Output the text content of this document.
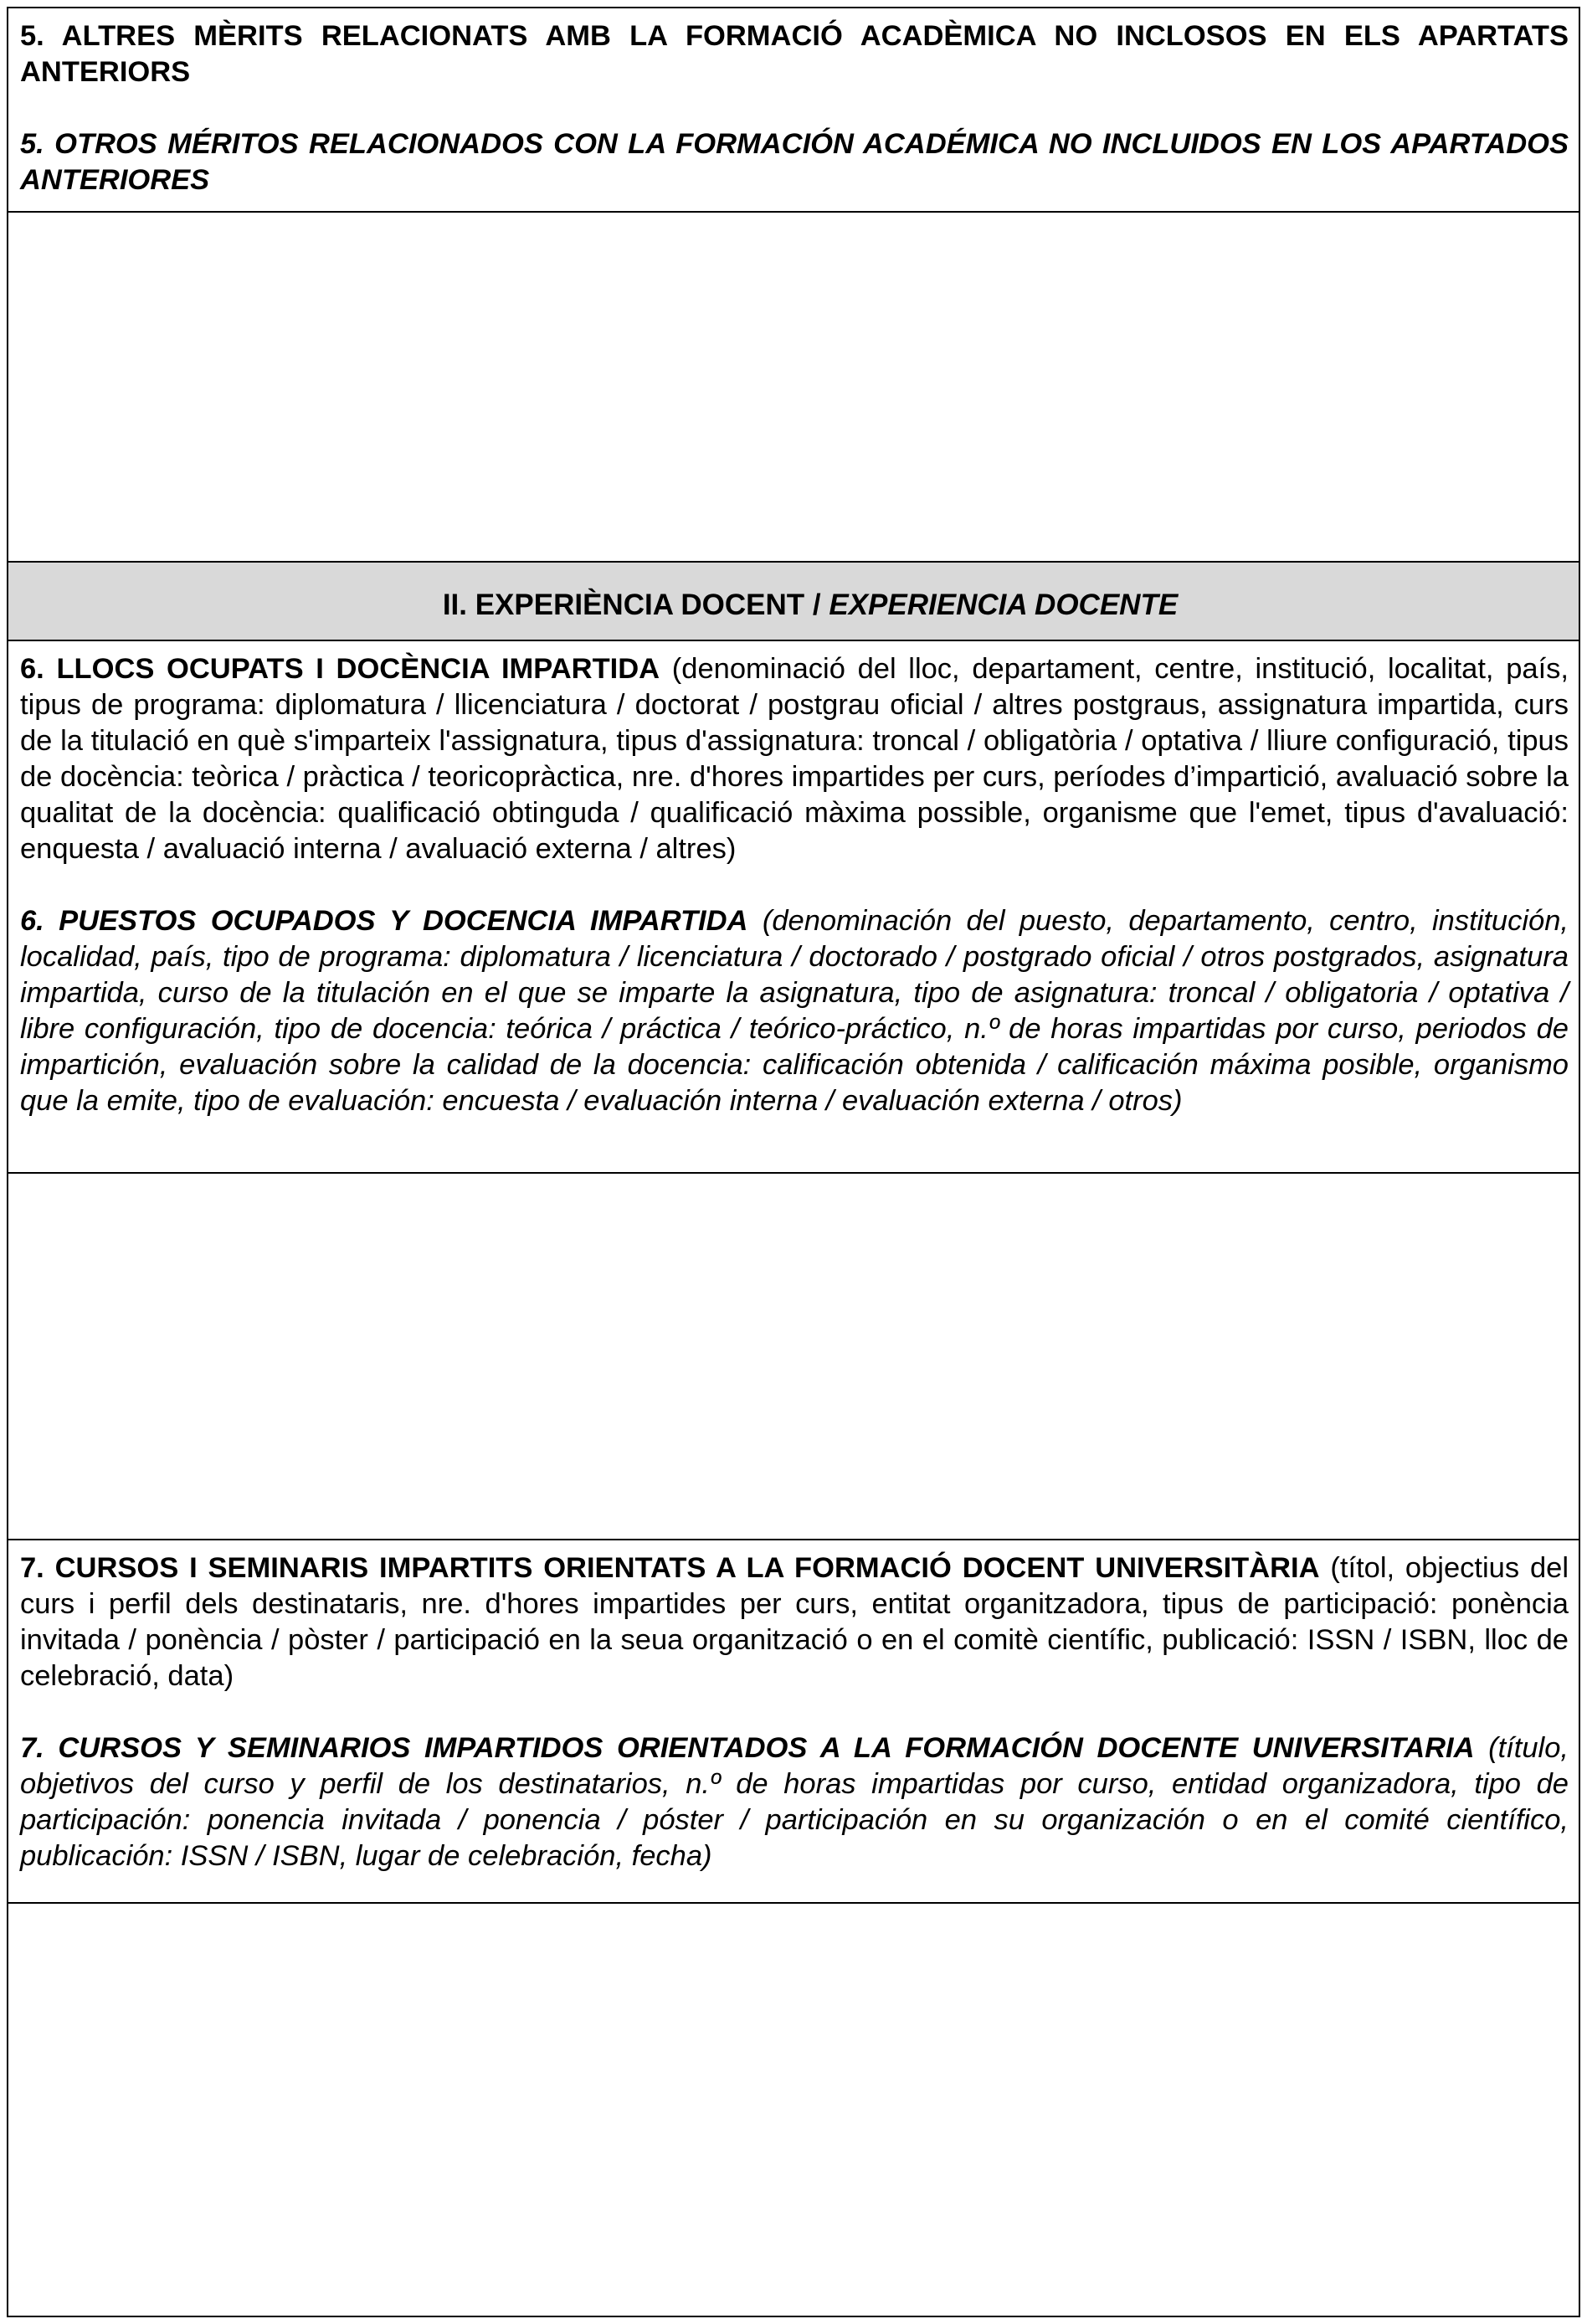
5. ALTRES MÈRITS RELACIONATS AMB LA FORMACIÓ ACADÈMICA NO INCLOSOS EN ELS APARTATS ANTERIORS

5. OTROS MÉRITOS RELACIONADOS CON LA FORMACIÓN ACADÉMICA NO INCLUIDOS EN LOS APARTADOS ANTERIORES

II. EXPERIÈNCIA DOCENT / EXPERIENCIA DOCENTE

6. LLOCS OCUPATS I DOCÈNCIA IMPARTIDA (denominació del lloc, departament, centre, institució, localitat, país, tipus de programa: diplomatura / llicenciatura / doctorat / postgrau oficial / altres postgraus, assignatura impartida, curs de la titulació en què s'imparteix l'assignatura, tipus d'assignatura: troncal / obligatòria / optativa / lliure configuració, tipus de docència: teòrica / pràctica / teoricopràctica, nre. d'hores impartides per curs, períodes d’impartició, avaluació sobre la qualitat de la docència: qualificació obtinguda / qualificació màxima possible, organisme que l'emet, tipus d'avaluació: enquesta / avaluació interna / avaluació externa / altres)

6. PUESTOS OCUPADOS Y DOCENCIA IMPARTIDA (denominación del puesto, departamento, centro, institución, localidad, país, tipo de programa: diplomatura / licenciatura / doctorado / postgrado oficial / otros postgrados, asignatura impartida, curso de la titulación en el que se imparte la asignatura, tipo de asignatura: troncal / obligatoria / optativa / libre configuración, tipo de docencia: teórica / práctica / teórico-práctico, n.º de horas impartidas por curso, periodos de impartición, evaluación sobre la calidad de la docencia: calificación obtenida / calificación máxima posible, organismo que la emite, tipo de evaluación: encuesta / evaluación interna / evaluación externa / otros)

7. CURSOS I SEMINARIS IMPARTITS ORIENTATS A LA FORMACIÓ DOCENT UNIVERSITÀRIA (títol, objectius del curs i perfil dels destinataris, nre. d'hores impartides per curs, entitat organitzadora, tipus de participació: ponència invitada / ponència / pòster / participació en la seua organització o en el comitè científic, publicació: ISSN / ISBN, lloc de celebració, data)

7. CURSOS Y SEMINARIOS IMPARTIDOS ORIENTADOS A LA FORMACIÓN DOCENTE UNIVERSITARIA (título, objetivos del curso y perfil de los destinatarios, n.º de horas impartidas por curso, entidad organizadora, tipo de participación: ponencia invitada / ponencia / póster / participación en su organización o en el comité científico, publicación: ISSN / ISBN, lugar de celebración, fecha)
